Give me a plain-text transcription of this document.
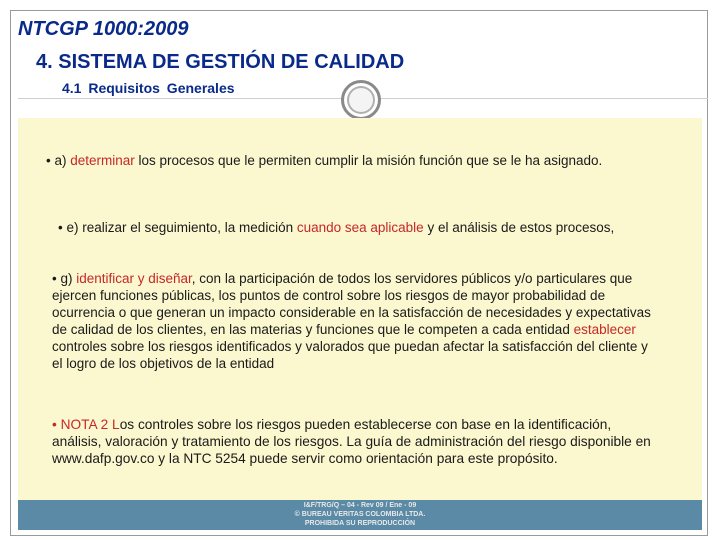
NTCGP 1000:2009
4. SISTEMA DE GESTIÓN DE CALIDAD
4.1 Requisitos Generales

• a) determinar los procesos que le permiten cumplir la misión función que se le ha asignado.

• e) realizar el seguimiento, la medición cuando sea aplicable y el análisis de estos procesos,

• g) identificar y diseñar, con la participación de todos los servidores públicos y/o particulares que ejercen funciones públicas, los puntos de control sobre los riesgos de mayor probabilidad de ocurrencia o que generan un impacto considerable en la satisfacción de necesidades y expectativas de calidad de los clientes, en las materias y funciones que le competen a cada entidad establecer controles sobre los riesgos identificados y valorados que puedan afectar la satisfacción del cliente y el logro de los objetivos de la entidad

• NOTA 2 Los controles sobre los riesgos pueden establecerse con base en la identificación, análisis, valoración y tratamiento de los riesgos. La guía de administración del riesgo disponible en www.dafp.gov.co y la NTC 5254 puede servir como orientación para este propósito.

I&F/TRG/Q – 04 - Rev 09 / Ene - 09
© BUREAU VERITAS COLOMBIA LTDA.
PROHIBIDA SU REPRODUCCIÓN
